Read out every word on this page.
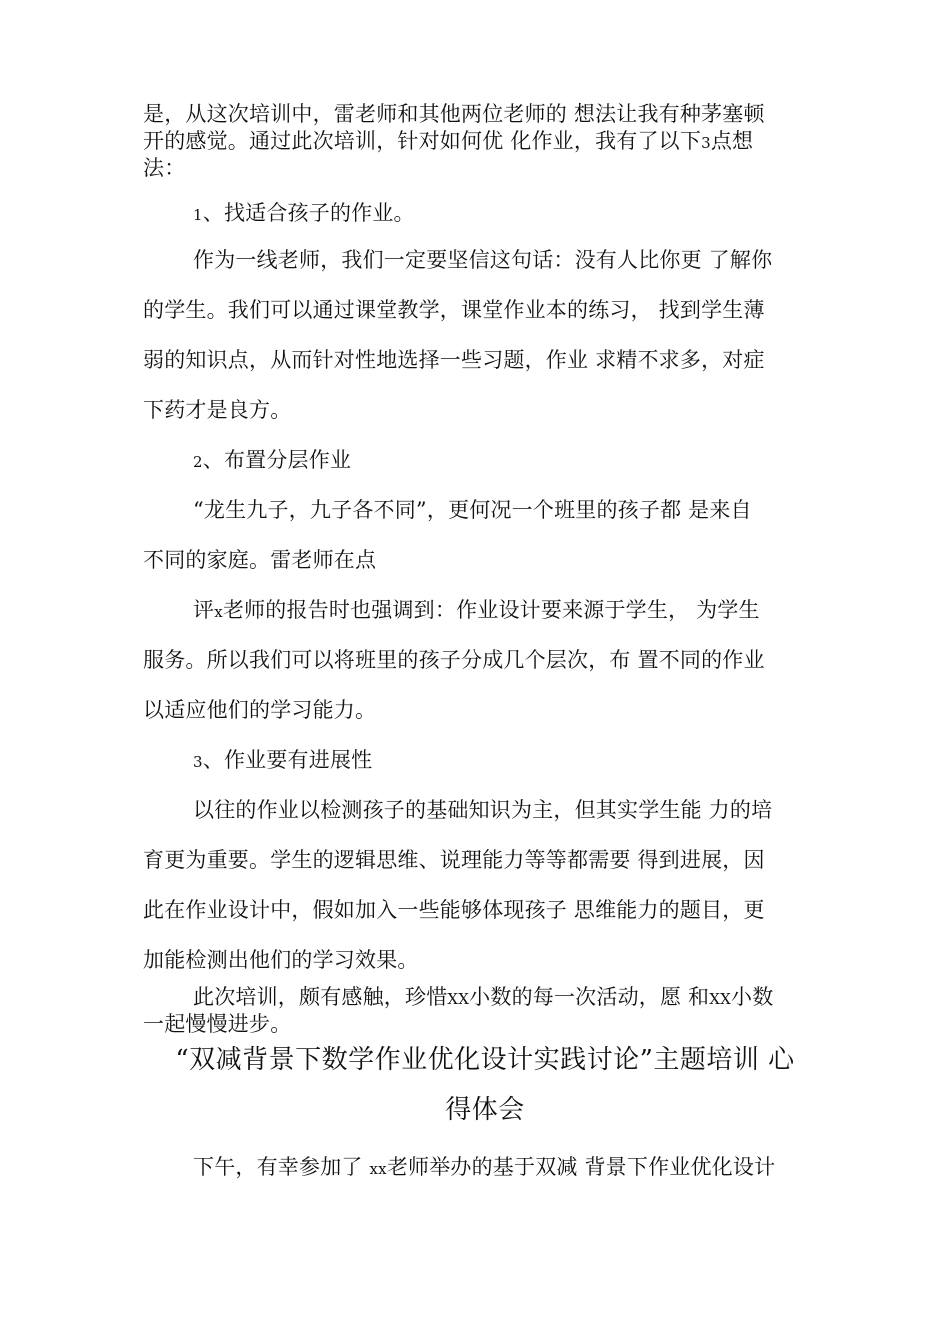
是，从这次培训中，雷老师和其他两位老师的 想法让我有种茅塞顿
开的感觉。通过此次培训，针对如何优 化作业，我有了以下3点想
法：
1、找适合孩子的作业。
作为一线老师，我们一定要坚信这句话：没有人比你更 了解你
的学生。我们可以通过课堂教学，课堂作业本的练习， 找到学生薄
弱的知识点，从而针对性地选择一些习题，作业 求精不求多，对症
下药才是良方。
2、布置分层作业
“龙生九子，九子各不同”，更何况一个班里的孩子都 是来自
不同的家庭。雷老师在点
评x老师的报告时也强调到：作业设计要来源于学生， 为学生
服务。所以我们可以将班里的孩子分成几个层次，布 置不同的作业
以适应他们的学习能力。
3、作业要有进展性
以往的作业以检测孩子的基础知识为主，但其实学生能 力的培
育更为重要。学生的逻辑思维、说理能力等等都需要 得到进展，因
此在作业设计中，假如加入一些能够体现孩子 思维能力的题目，更
加能检测出他们的学习效果。
此次培训，颇有感触，珍惜XX小数的每一次活动，愿 和XX小数
一起慢慢进步。
“双减背景下数学作业优化设计实践讨论”主题培训 心
得体会
下午，有幸参加了 xx老师举办的基于双减 背景下作业优化设计
